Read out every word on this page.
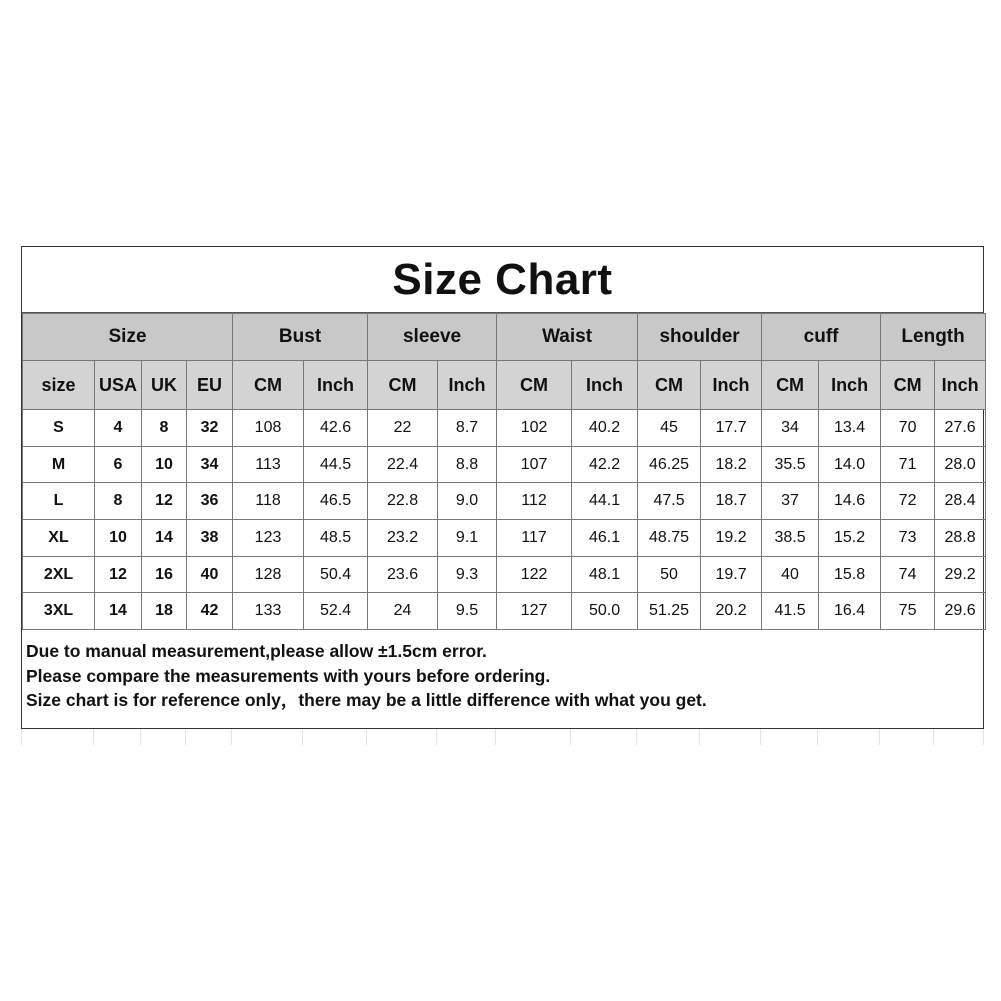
Size Chart
Size				Bust		sleeve		Waist		shoulder		cuff		Length	
size	USA	UK	EU	CM	Inch	CM	Inch	CM	Inch	CM	Inch	CM	Inch	CM	Inch
S	4	8	32	108	42.6	22	8.7	102	40.2	45	17.7	34	13.4	70	27.6
M	6	10	34	113	44.5	22.4	8.8	107	42.2	46.25	18.2	35.5	14.0	71	28.0
L	8	12	36	118	46.5	22.8	9.0	112	44.1	47.5	18.7	37	14.6	72	28.4
XL	10	14	38	123	48.5	23.2	9.1	117	46.1	48.75	19.2	38.5	15.2	73	28.8
2XL	12	16	40	128	50.4	23.6	9.3	122	48.1	50	19.7	40	15.8	74	29.2
3XL	14	18	42	133	52.4	24	9.5	127	50.0	51.25	20.2	41.5	16.4	75	29.6
Due to manual measurement,please allow ±1.5cm error.
Please compare the measurements with yours before ordering.
Size chart is for reference only，there may be a little difference with what you get.
